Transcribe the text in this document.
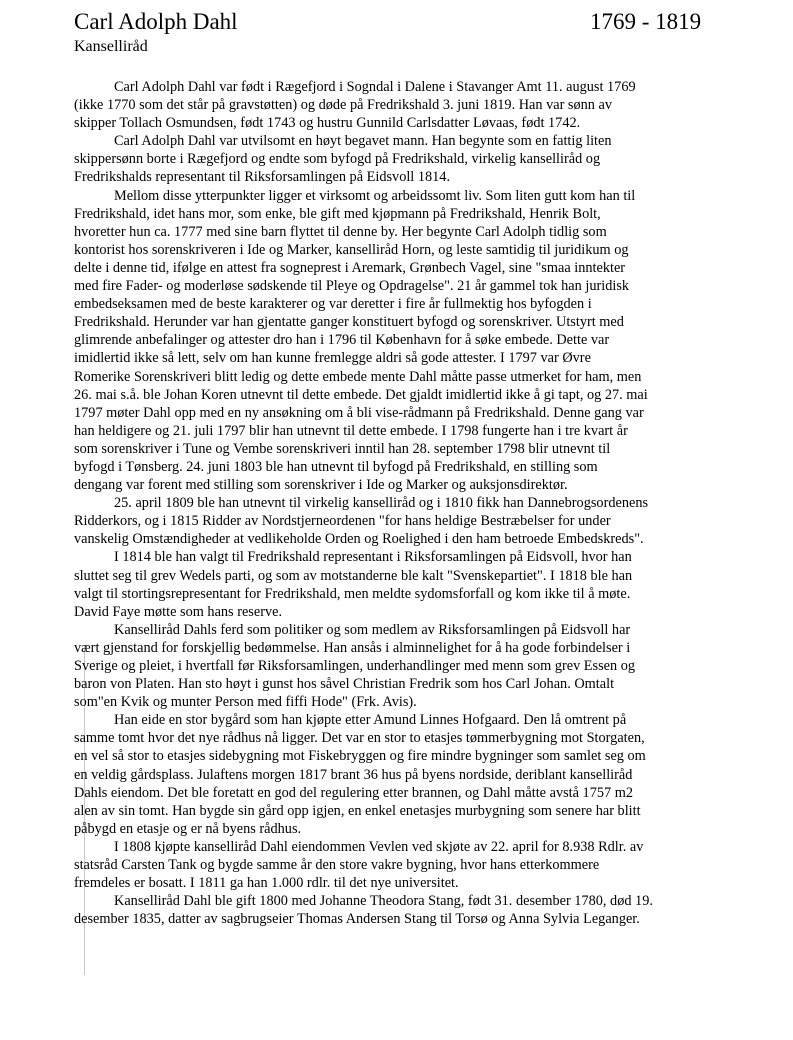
Carl Adolph Dahl	1769 - 1819
Kanselliråd
Carl Adolph Dahl var født i Rægefjord i Sogndal i Dalene i Stavanger Amt 11. august 1769
(ikke 1770 som det står på gravstøtten) og døde på Fredrikshald 3. juni 1819. Han var sønn av
skipper Tollach Osmundsen, født 1743 og hustru Gunnild Carlsdatter Løvaas, født 1742.
Carl Adolph Dahl var utvilsomt en høyt begavet mann. Han begynte som en fattig liten
skippersønn borte i Rægefjord og endte som byfogd på Fredrikshald, virkelig kanselliråd og
Fredrikshalds representant til Riksforsamlingen på Eidsvoll 1814.
Mellom disse ytterpunkter ligger et virksomt og arbeidssomt liv. Som liten gutt kom han til
Fredrikshald, idet hans mor, som enke, ble gift med kjøpmann på Fredrikshald, Henrik Bolt,
hvoretter hun ca. 1777 med sine barn flyttet til denne by. Her begynte Carl Adolph tidlig som
kontorist hos sorenskriveren i Ide og Marker, kanselliråd Horn, og leste samtidig til juridikum og
delte i denne tid, ifølge en attest fra sogneprest i Aremark, Grønbech Vagel, sine "smaa inntekter
med fire Fader- og moderløse sødskende til Pleye og Opdragelse". 21 år gammel tok han juridisk
embedseksamen med de beste karakterer og var deretter i fire år fullmektig hos byfogden i
Fredrikshald. Herunder var han gjentatte ganger konstituert byfogd og sorenskriver. Utstyrt med
glimrende anbefalinger og attester dro han i 1796 til København for å søke embede. Dette var
imidlertid ikke så lett, selv om han kunne fremlegge aldri så gode attester. I 1797 var Øvre
Romerike Sorenskriveri blitt ledig og dette embede mente Dahl måtte passe utmerket for ham, men
26. mai s.å. ble Johan Koren utnevnt til dette embede. Det gjaldt imidlertid ikke å gi tapt, og 27. mai
1797 møter Dahl opp med en ny ansøkning om å bli vise-rådmann på Fredrikshald. Denne gang var
han heldigere og 21. juli 1797 blir han utnevnt til dette embede. I 1798 fungerte han i tre kvart år
som sorenskriver i Tune og Vembe sorenskriveri inntil han 28. september 1798 blir utnevnt til
byfogd i Tønsberg. 24. juni 1803 ble han utnevnt til byfogd på Fredrikshald, en stilling som
dengang var forent med stilling som sorenskriver i Ide og Marker og auksjonsdirektør.
25. april 1809 ble han utnevnt til virkelig kanselliråd og i 1810 fikk han Dannebrogsordenens
Ridderkors, og i 1815 Ridder av Nordstjerneordenen "for hans heldige Bestræbelser for under
vanskelig Omstændigheder at vedlikeholde Orden og Roelighed i den ham betroede Embedskreds".
I 1814 ble han valgt til Fredrikshald representant i Riksforsamlingen på Eidsvoll, hvor han
sluttet seg til grev Wedels parti, og som av motstanderne ble kalt "Svenskepartiet". I 1818 ble han
valgt til stortingsrepresentant for Fredrikshald, men meldte sydomsforfall og kom ikke til å møte.
David Faye møtte som hans reserve.
Kanselliråd Dahls ferd som politiker og som medlem av Riksforsamlingen på Eidsvoll har
vært gjenstand for forskjellig bedømmelse. Han ansås i alminnelighet for å ha gode forbindelser i
Sverige og pleiet, i hvertfall før Riksforsamlingen, underhandlinger med menn som grev Essen og
baron von Platen. Han sto høyt i gunst hos såvel Christian Fredrik som hos Carl Johan. Omtalt
som"en Kvik og munter Person med fiffi Hode" (Frk. Avis).
Han eide en stor bygård som han kjøpte etter Amund Linnes Hofgaard. Den lå omtrent på
samme tomt hvor det nye rådhus nå ligger. Det var en stor to etasjes tømmerbygning mot Storgaten,
en vel så stor to etasjes sidebygning mot Fiskebryggen og fire mindre bygninger som samlet seg om
en veldig gårdsplass. Julaftens morgen 1817 brant 36 hus på byens nordside, deriblant kanselliråd
Dahls eiendom. Det ble foretatt en god del regulering etter brannen, og Dahl måtte avstå 1757 m2
alen av sin tomt. Han bygde sin gård opp igjen, en enkel enetasjes murbygning som senere har blitt
påbygd en etasje og er nå byens rådhus.
I 1808 kjøpte kanselliråd Dahl eiendommen Vevlen ved skjøte av 22. april for 8.938 Rdlr. av
statsråd Carsten Tank og bygde samme år den store vakre bygning, hvor hans etterkommere
fremdeles er bosatt. I 1811 ga han 1.000 rdlr. til det nye universitet.
Kanselliråd Dahl ble gift 1800 med Johanne Theodora Stang, født 31. desember 1780, død 19.
desember 1835, datter av sagbrugseier Thomas Andersen Stang til Torsø og Anna Sylvia Leganger.
